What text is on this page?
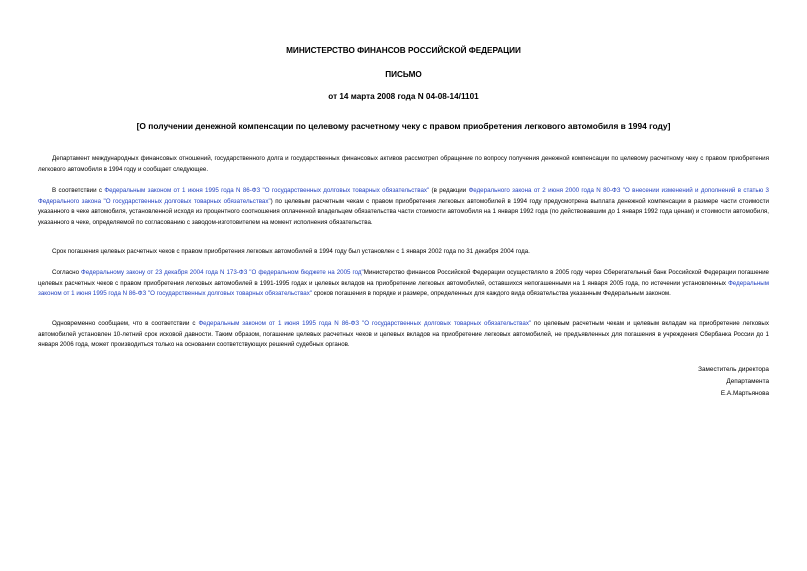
МИНИСТЕРСТВО ФИНАНСОВ РОССИЙСКОЙ ФЕДЕРАЦИИ
ПИСЬМО
от 14 марта 2008 года N 04-08-14/1101
[О получении денежной компенсации по целевому расчетному чеку с правом приобретения легкового автомобиля в 1994 году]

Департамент международных финансовых отношений, государственного долга и государственных финансовых активов рассмотрел обращение по вопросу получения денежной компенсации по целевому расчетному чеку с правом приобретения легкового автомобиля в 1994 году и сообщает следующее.

В соответствии с Федеральным законом от 1 июня 1995 года N 86-ФЗ "О государственных долговых товарных обязательствах" (в редакции Федерального закона от 2 июня 2000 года N 80-ФЗ "О внесении изменений и дополнений в статью 3 Федерального закона "О государственных долговых товарных обязательствах") по целевым расчетным чекам с правом приобретения легковых автомобилей в 1994 году предусмотрена выплата денежной компенсации в размере части стоимости указанного в чеке автомобиля, установленной исходя из процентного соотношения оплаченной владельцем обязательства части стоимости автомобиля на 1 января 1992 года (по действовавшим до 1 января 1992 года ценам) и стоимости автомобиля, указанного в чеке, определяемой по согласованию с заводом-изготовителем на момент исполнения обязательства.

Срок погашения целевых расчетных чеков с правом приобретения легковых автомобилей в 1994 году был установлен с 1 января 2002 года по 31 декабря 2004 года.

Согласно Федеральному закону от 23 декабря 2004 года N 173-ФЗ "О федеральном бюджете на 2005 год"Министерство финансов Российской Федерации осуществляло в 2005 году через Сберегательный банк Российской Федерации погашение целевых расчетных чеков с правом приобретения легковых автомобилей в 1991-1995 годах и целевых вкладов на приобретение легковых автомобилей, оставшихся непогашенными на 1 января 2005 года, по истечении установленных Федеральным законом от 1 июня 1995 года N 86-ФЗ "О государственных долговых товарных обязательствах" сроков погашения в порядке и размере, определенных для каждого вида обязательства указанным Федеральным законом.

Одновременно сообщаем, что в соответствии с Федеральным законом от 1 июня 1995 года N 86-ФЗ "О государственных долговых товарных обязательствах" по целевым расчетным чекам и целевым вкладам на приобретение легковых автомобилей установлен 10-летний срок исковой давности. Таким образом, погашение целевых расчетных чеков и целевых вкладов на приобретение легковых автомобилей, не предъявленных для погашения в учреждения Сбербанка России до 1 января 2006 года, может производиться только на основании соответствующих решений судебных органов.

Заместитель директора
Департамента
Е.А.Мартьянова
